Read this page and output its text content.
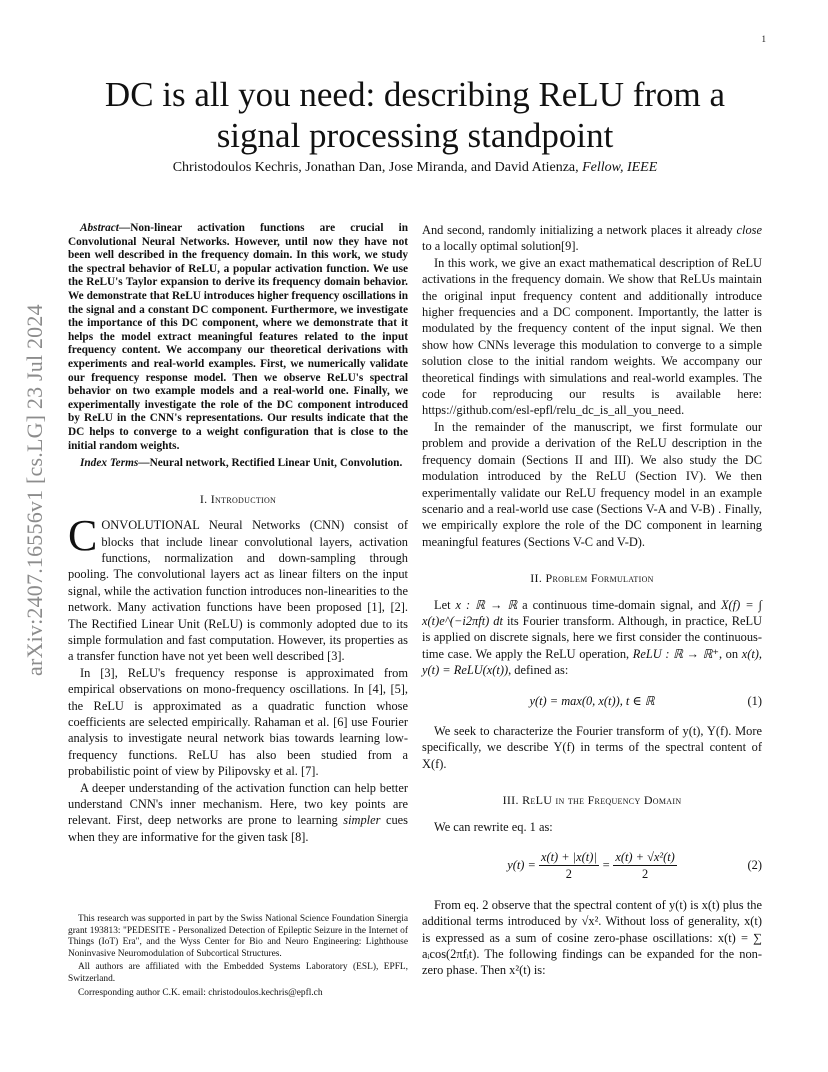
1
arXiv:2407.16556v1 [cs.LG] 23 Jul 2024
DC is all you need: describing ReLU from a signal processing standpoint

Christodoulos Kechris, Jonathan Dan, Jose Miranda, and David Atienza, Fellow, IEEE

Abstract—Non-linear activation functions are crucial in Convolutional Neural Networks. However, until now they have not been well described in the frequency domain. In this work, we study the spectral behavior of ReLU, a popular activation function. We use the ReLU's Taylor expansion to derive its frequency domain behavior. We demonstrate that ReLU introduces higher frequency oscillations in the signal and a constant DC component. Furthermore, we investigate the importance of this DC component, where we demonstrate that it helps the model extract meaningful features related to the input frequency content. We accompany our theoretical derivations with experiments and real-world examples. First, we numerically validate our frequency response model. Then we observe ReLU's spectral behavior on two example models and a real-world one. Finally, we experimentally investigate the role of the DC component introduced by ReLU in the CNN's representations. Our results indicate that the DC helps to converge to a weight configuration that is close to the initial random weights.

Index Terms—Neural network, Rectified Linear Unit, Convolution.

I. Introduction

CONVOLUTIONAL Neural Networks (CNN) consist of blocks that include linear convolutional layers, activation functions, normalization and down-sampling through pooling. The convolutional layers act as linear filters on the input signal, while the activation function introduces non-linearities to the network. Many activation functions have been proposed [1], [2]. The Rectified Linear Unit (ReLU) is commonly adopted due to its simple formulation and fast computation. However, its properties as a transfer function have not yet been well described [3].

In [3], ReLU's frequency response is approximated from empirical observations on mono-frequency oscillations. In [4], [5], the ReLU is approximated as a quadratic function whose coefficients are selected empirically. Rahaman et al. [6] use Fourier analysis to investigate neural network bias towards learning low-frequency functions. ReLU has also been studied from a probabilistic point of view by Pilipovsky et al. [7].

A deeper understanding of the activation function can help better understand CNN's inner mechanism. Here, two key points are relevant. First, deep networks are prone to learning simpler cues when they are informative for the given task [8].

This research was supported in part by the Swiss National Science Foundation Sinergia grant 193813: "PEDESITE - Personalized Detection of Epileptic Seizure in the Internet of Things (IoT) Era", and the Wyss Center for Bio and Neuro Engineering: Lighthouse Noninvasive Neuromodulation of Subcortical Structures.

All authors are affiliated with the Embedded Systems Laboratory (ESL), EPFL, Switzerland.

Corresponding author C.K. email: christodoulos.kechris@epfl.ch

And second, randomly initializing a network places it already close to a locally optimal solution[9].

In this work, we give an exact mathematical description of ReLU activations in the frequency domain. We show that ReLUs maintain the original input frequency content and additionally introduce higher frequencies and a DC component. Importantly, the latter is modulated by the frequency content of the input signal. We then show how CNNs leverage this modulation to converge to a simple solution close to the initial random weights. We accompany our theoretical findings with simulations and real-world examples. The code for reproducing our results is available here: https://github.com/esl-epfl/relu_dc_is_all_you_need.

In the remainder of the manuscript, we first formulate our problem and provide a derivation of the ReLU description in the frequency domain (Sections II and III). We also study the DC modulation introduced by the ReLU (Section IV). We then experimentally validate our ReLU frequency model in an example scenario and a real-world use case (Sections V-A and V-B) . Finally, we empirically explore the role of the DC component in learning meaningful features (Sections V-C and V-D).

II. Problem Formulation

Let x : ℝ → ℝ a continuous time-domain signal, and X(f) = ∫ x(t)e^(−i2πft) dt its Fourier transform. Although, in practice, ReLU is applied on discrete signals, here we first consider the continuous-time case. We apply the ReLU operation, ReLU : ℝ → ℝ⁺, on x(t), y(t) = ReLU(x(t)), defined as:

y(t) = max(0, x(t)), t ∈ ℝ	(1)

We seek to characterize the Fourier transform of y(t), Y(f). More specifically, we describe Y(f) in terms of the spectral content of X(f).

III. ReLU in the Frequency Domain

We can rewrite eq. 1 as:

$y(t) = \frac{x(t) + |x(t)|}{2} = \frac{\text{x(t) + √x²(t)}}{2}$	(2)

From eq. 2 observe that the spectral content of y(t) is x(t) plus the additional terms introduced by √x². Without loss of generality, x(t) is expressed as a sum of cosine zero-phase oscillations: x(t) = ∑ aᵢcos(2πfᵢt). The following findings can be expanded for the non-zero phase. Then x²(t) is:
